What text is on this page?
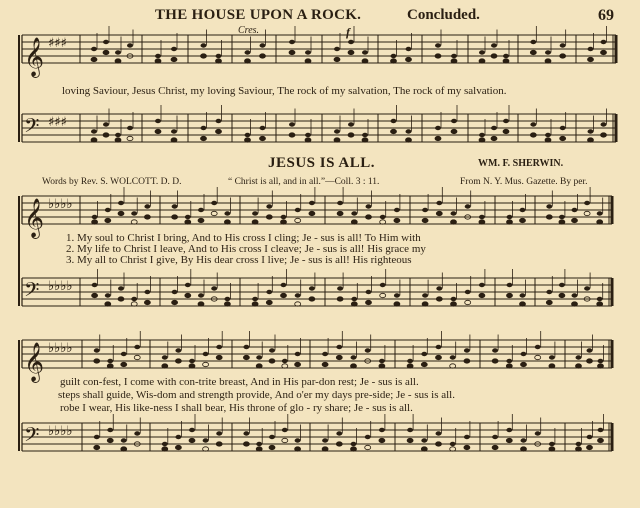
THE HOUSE UPON A ROCK.	Concluded.	69
Cres.	f
loving Saviour, Jesus Christ, my loving Saviour, The rock of my salvation, The rock of my salvation.
JESUS IS ALL.	WM. F. SHERWIN.
Words by Rev. S. WOLCOTT. D. D.	“ Christ is all, and in all.”—Coll. 3 : 11.	From N. Y. Mus. Gazette. By per.
1. My soul to Christ I bring, And to His cross I cling; Je - sus is all! To Him with
2. My life to Christ I leave, And to His cross I cleave; Je - sus is all! His grace my
3. My all to Christ I give, By His dear cross I live; Je - sus is all! His righteous
guilt con-fest, I come with con-trite breast, And in His par-don rest; Je - sus is all.
steps shall guide, Wis-dom and strength provide, And o'er my days pre-side; Je - sus is all.
robe I wear, His like-ness I shall bear, His throne of glo - ry share; Je - sus is all.
𝄞 ♯♯♯
𝄢 ♯♯♯
𝄞 ♭♭♭♭
𝄢 ♭♭♭♭
𝄞 ♭♭♭♭
𝄢 ♭♭♭♭
